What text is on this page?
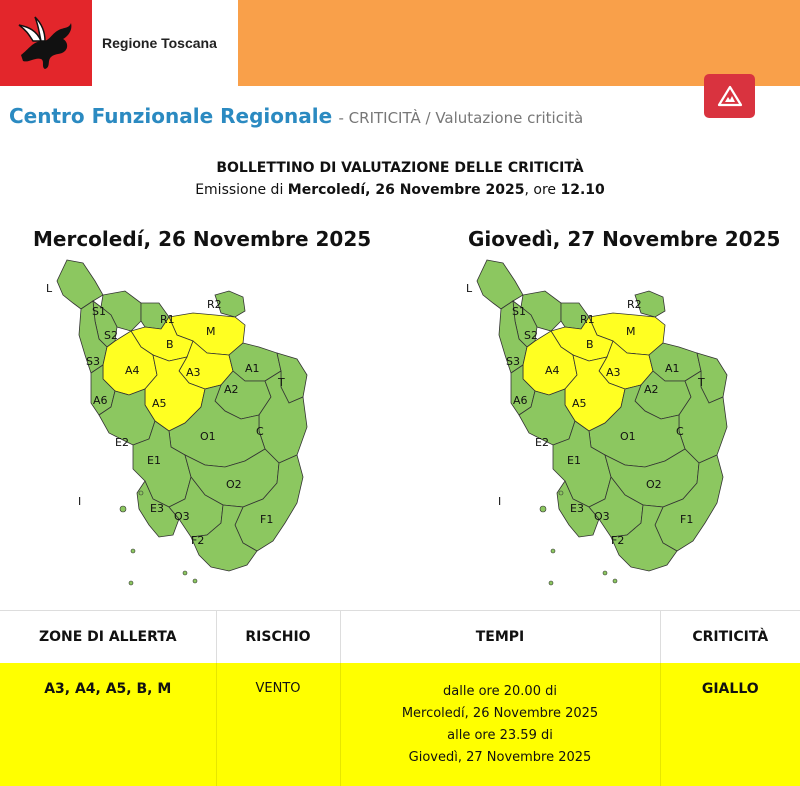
Regione Toscana
Centro Funzionale Regionale - CRITICITÀ / Valutazione criticità
BOLLETTINO DI VALUTAZIONE DELLE CRITICITÀ
Emissione di Mercoledí, 26 Novembre 2025, ore 12.10
Mercoledí, 26 Novembre 2025	Giovedì, 27 Novembre 2025
L
S1
S2
S3
R1
R2
B
M
A4	A3	A1
T
A6	A5
A2
E2	O1	C
E1
I
O2
E3
O3	F1
F2
L
S1
S2
S3
R1
R2
B
M
A4	A3	A1
T
A6	A5
A2
E2	O1	C
E1
I
O2
E3
O3	F1
F2
ZONE DI ALLERTA	RISCHIO	TEMPI	CRITICITÀ
A3, A4, A5, B, M	VENTO	dalle ore 20.00 di
Mercoledí, 26 Novembre 2025
alle ore 23.59 di
Giovedì, 27 Novembre 2025	GIALLO
